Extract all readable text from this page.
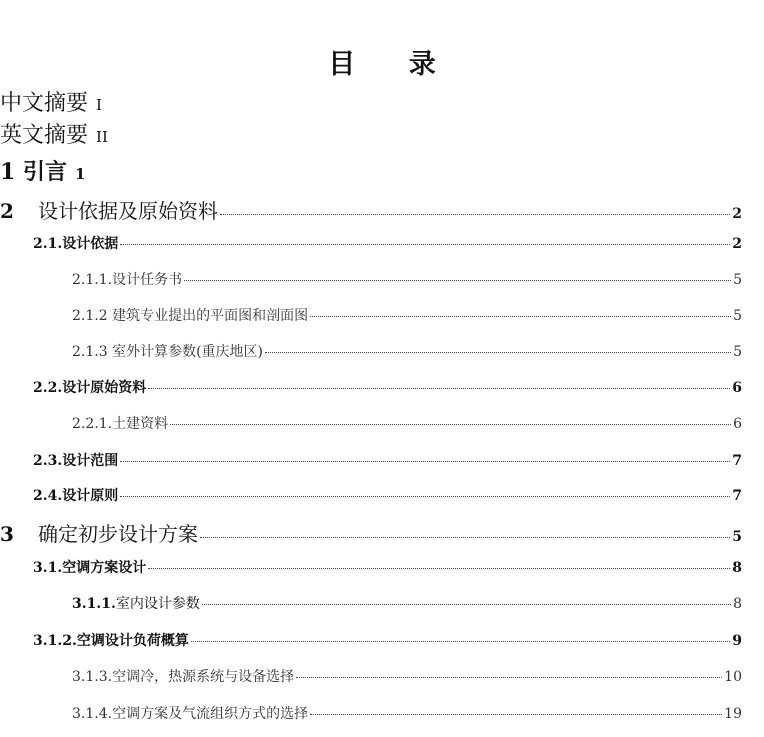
目 录
中文摘要 I
英文摘要 II
1 引言 1
2	设计依据及原始资料	2
2.1.设计依据	2
2.1.1.设计任务书	5
2.1.2 建筑专业提出的平面图和剖面图	5
2.1.3 室外计算参数(重庆地区)	5
2.2.设计原始资料	6
2.2.1.土建资料	6
2.3.设计范围	7
2.4.设计原则	7
3	确定初步设计方案	5
3.1.空调方案设计	8
3.1.1. 室内设计参数	8
3.1.2.空调设计负荷概算	9
3.1.3.空调冷，热源系统与设备选择	10
3.1.4.空调方案及气流组织方式的选择	19
